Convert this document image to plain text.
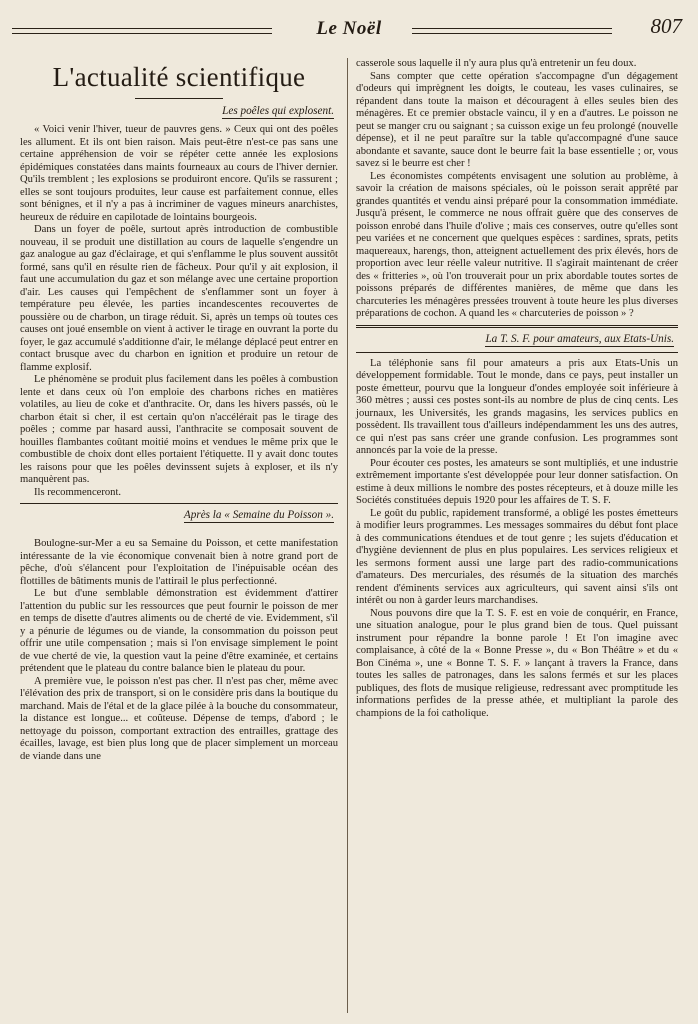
Le Noël	807
L'actualité scientifique
Les poêles qui explosent.

« Voici venir l'hiver, tueur de pauvres gens. » Ceux qui ont des poêles les allument. Et ils ont bien raison. Mais peut-être n'est-ce pas sans une certaine appréhension de voir se répéter cette année les explosions épidémiques constatées dans maints fourneaux au cours de l'hiver dernier. Qu'ils tremblent ; les explosions se produiront encore. Qu'ils se rassurent ; elles se sont toujours produites, leur cause est parfaitement connue, elles sont bénignes, et il n'y a pas à incriminer de vagues mineurs anarchistes, heureux de réduire en capilotade de lointains bourgeois.

Dans un foyer de poêle, surtout après introduction de combustible nouveau, il se produit une distillation au cours de laquelle s'engendre un gaz analogue au gaz d'éclairage, et qui s'enflamme le plus souvent aussitôt formé, sans qu'il en résulte rien de fâcheux. Pour qu'il y ait explosion, il faut une accumulation du gaz et son mélange avec une certaine proportion d'air. Les causes qui l'empêchent de s'enflammer sont un foyer à température peu élevée, les parties incandescentes recouvertes de poussière ou de charbon, un tirage réduit. Si, après un temps où toutes ces causes ont joué ensemble on vient à activer le tirage en ouvrant la porte du foyer, le gaz accumulé s'additionne d'air, le mélange déplacé peut entrer en contact brusque avec du charbon en ignition et produire un retour de flamme explosif.

Le phénomène se produit plus facilement dans les poêles à combustion lente et dans ceux où l'on emploie des charbons riches en matières volatiles, au lieu de coke et d'anthracite. Or, dans les hivers passés, où le charbon était si cher, il est certain qu'on n'accélérait pas le tirage des poêles ; comme par hasard aussi, l'anthracite se composait souvent de houilles flambantes coûtant moitié moins et vendues le même prix que le combustible de choix dont elles portaient l'étiquette. Il y avait donc toutes les raisons pour que les poêles devinssent sujets à exploser, et ils n'y manquèrent pas.

Ils recommenceront.

Après la « Semaine du Poisson ».

Boulogne-sur-Mer a eu sa Semaine du Poisson, et cette manifestation intéressante de la vie économique convenait bien à notre grand port de pêche, d'où s'élancent pour l'exploitation de l'inépuisable océan des flottilles de bâtiments munis de l'attirail le plus perfectionné.

Le but d'une semblable démonstration est évidemment d'attirer l'attention du public sur les ressources que peut fournir le poisson de mer en temps de disette d'autres aliments ou de cherté de vie. Evidemment, s'il y a pénurie de légumes ou de viande, la consommation du poisson peut offrir une utile compensation ; mais si l'on envisage simplement le point de vue cherté de vie, la question vaut la peine d'être examinée, et certains prétendent que le plateau du contre balance bien le plateau du pour.

A première vue, le poisson n'est pas cher. Il n'est pas cher, même avec l'élévation des prix de transport, si on le considère pris dans la boutique du marchand. Mais de l'étal et de la glace pilée à la bouche du consommateur, la distance est longue... et coûteuse. Dépense de temps, d'abord ; le nettoyage du poisson, comportant extraction des entrailles, grattage des écailles, lavage, est bien plus long que de placer simplement un morceau de viande dans une

casserole sous laquelle il n'y aura plus qu'à entretenir un feu doux.

Sans compter que cette opération s'accompagne d'un dégagement d'odeurs qui imprègnent les doigts, le couteau, les vases culinaires, se répandent dans toute la maison et découragent à elles seules bien des ménagères. Et ce premier obstacle vaincu, il y en a d'autres. Le poisson ne peut se manger cru ou saignant ; sa cuisson exige un feu prolongé (nouvelle dépense), et il ne peut paraître sur la table qu'accompagné d'une sauce abondante et savante, sauce dont le beurre fait la base essentielle ; or, vous savez si le beurre est cher !

Les économistes compétents envisagent une solution au problème, à savoir la création de maisons spéciales, où le poisson serait apprêté par grandes quantités et vendu ainsi préparé pour la consommation immédiate. Jusqu'à présent, le commerce ne nous offrait guère que des conserves de poisson enrobé dans l'huile d'olive ; mais ces conserves, outre qu'elles sont peu variées et ne concernent que quelques espèces : sardines, sprats, petits maquereaux, harengs, thon, atteignent actuellement des prix élevés, hors de proportion avec leur réelle valeur nutritive. Il s'agirait maintenant de créer des « fritteries », où l'on trouverait pour un prix abordable toutes sortes de poissons préparés de différentes manières, de même que dans les charcuteries les ménagères pressées trouvent à toute heure les plus diverses préparations de cochon. A quand les « charcuteries de poisson » ?

La T. S. F. pour amateurs, aux Etats-Unis.

La téléphonie sans fil pour amateurs a pris aux Etats-Unis un développement formidable. Tout le monde, dans ce pays, peut installer un poste émetteur, pourvu que la longueur d'ondes employée soit inférieure à 360 mètres ; aussi ces postes sont-ils au nombre de plus de cinq cents. Les journaux, les Universités, les grands magasins, les services publics en possèdent. Ils travaillent tous d'ailleurs indépendamment les uns des autres, ce qui n'est pas sans créer une grande confusion. Les programmes sont annoncés par la voie de la presse.

Pour écouter ces postes, les amateurs se sont multipliés, et une industrie extrêmement importante s'est développée pour leur donner satisfaction. On estime à deux millions le nombre des postes récepteurs, et à douze mille les Sociétés constituées depuis 1920 pour les affaires de T. S. F.

Le goût du public, rapidement transformé, a obligé les postes émetteurs à modifier leurs programmes. Les messages sommaires du début font place à des communications étendues et de tout genre ; les sujets d'éducation et d'hygiène deviennent de plus en plus populaires. Les services religieux et les sermons forment aussi une large part des radio-communications d'amateurs. Des mercuriales, des résumés de la situation des marchés rendent d'éminents services aux agriculteurs, qui savent ainsi s'ils ont intérêt ou non à garder leurs marchandises.

Nous pouvons dire que la T. S. F. est en voie de conquérir, en France, une situation analogue, pour le plus grand bien de tous. Quel puissant instrument pour répandre la bonne parole ! Et l'on imagine avec complaisance, à côté de la « Bonne Presse », du « Bon Théâtre » et du « Bon Cinéma », une « Bonne T. S. F. » lançant à travers la France, dans toutes les salles de patronages, dans les salons fermés et sur les places publiques, des flots de musique religieuse, redressant avec promptitude les informations perfides de la presse athée, et multipliant la parole des champions de la foi catholique.
